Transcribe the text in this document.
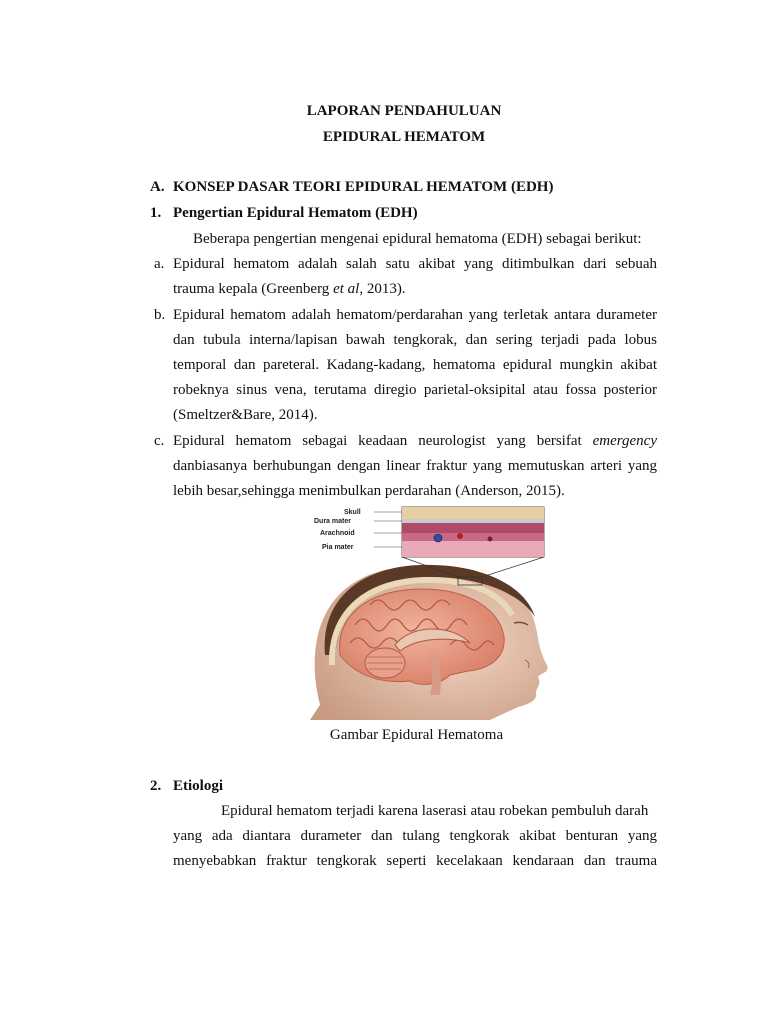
LAPORAN PENDAHULUAN
EPIDURAL HEMATOM
A. KONSEP DASAR TEORI EPIDURAL HEMATOM (EDH)
1. Pengertian Epidural Hematom (EDH)
Beberapa pengertian mengenai epidural hematoma (EDH) sebagai berikut:
a. Epidural hematom adalah salah satu akibat yang ditimbulkan dari sebuah
trauma kepala (Greenberg et al, 2013).
b. Epidural hematom adalah hematom/perdarahan yang terletak antara durameter
dan tubula interna/lapisan bawah tengkorak, dan sering terjadi pada lobus
temporal dan pareteral. Kadang-kadang, hematoma epidural mungkin akibat
robeknya sinus vena, terutama diregio parietal-oksipital atau fossa posterior
(Smeltzer&Bare, 2014).
c. Epidural hematom sebagai keadaan neurologist yang bersifat emergency
danbiasanya berhubungan dengan linear fraktur yang memutuskan arteri yang
lebih besar,sehingga menimbulkan perdarahan (Anderson, 2015).
Skull
Dura mater
Arachnoid
Pia mater
Gambar Epidural Hematoma
2. Etiologi
Epidural hematom terjadi karena laserasi atau robekan pembuluh darah
yang ada diantara durameter dan tulang tengkorak akibat benturan yang
menyebabkan fraktur tengkorak seperti kecelakaan kendaraan dan trauma
